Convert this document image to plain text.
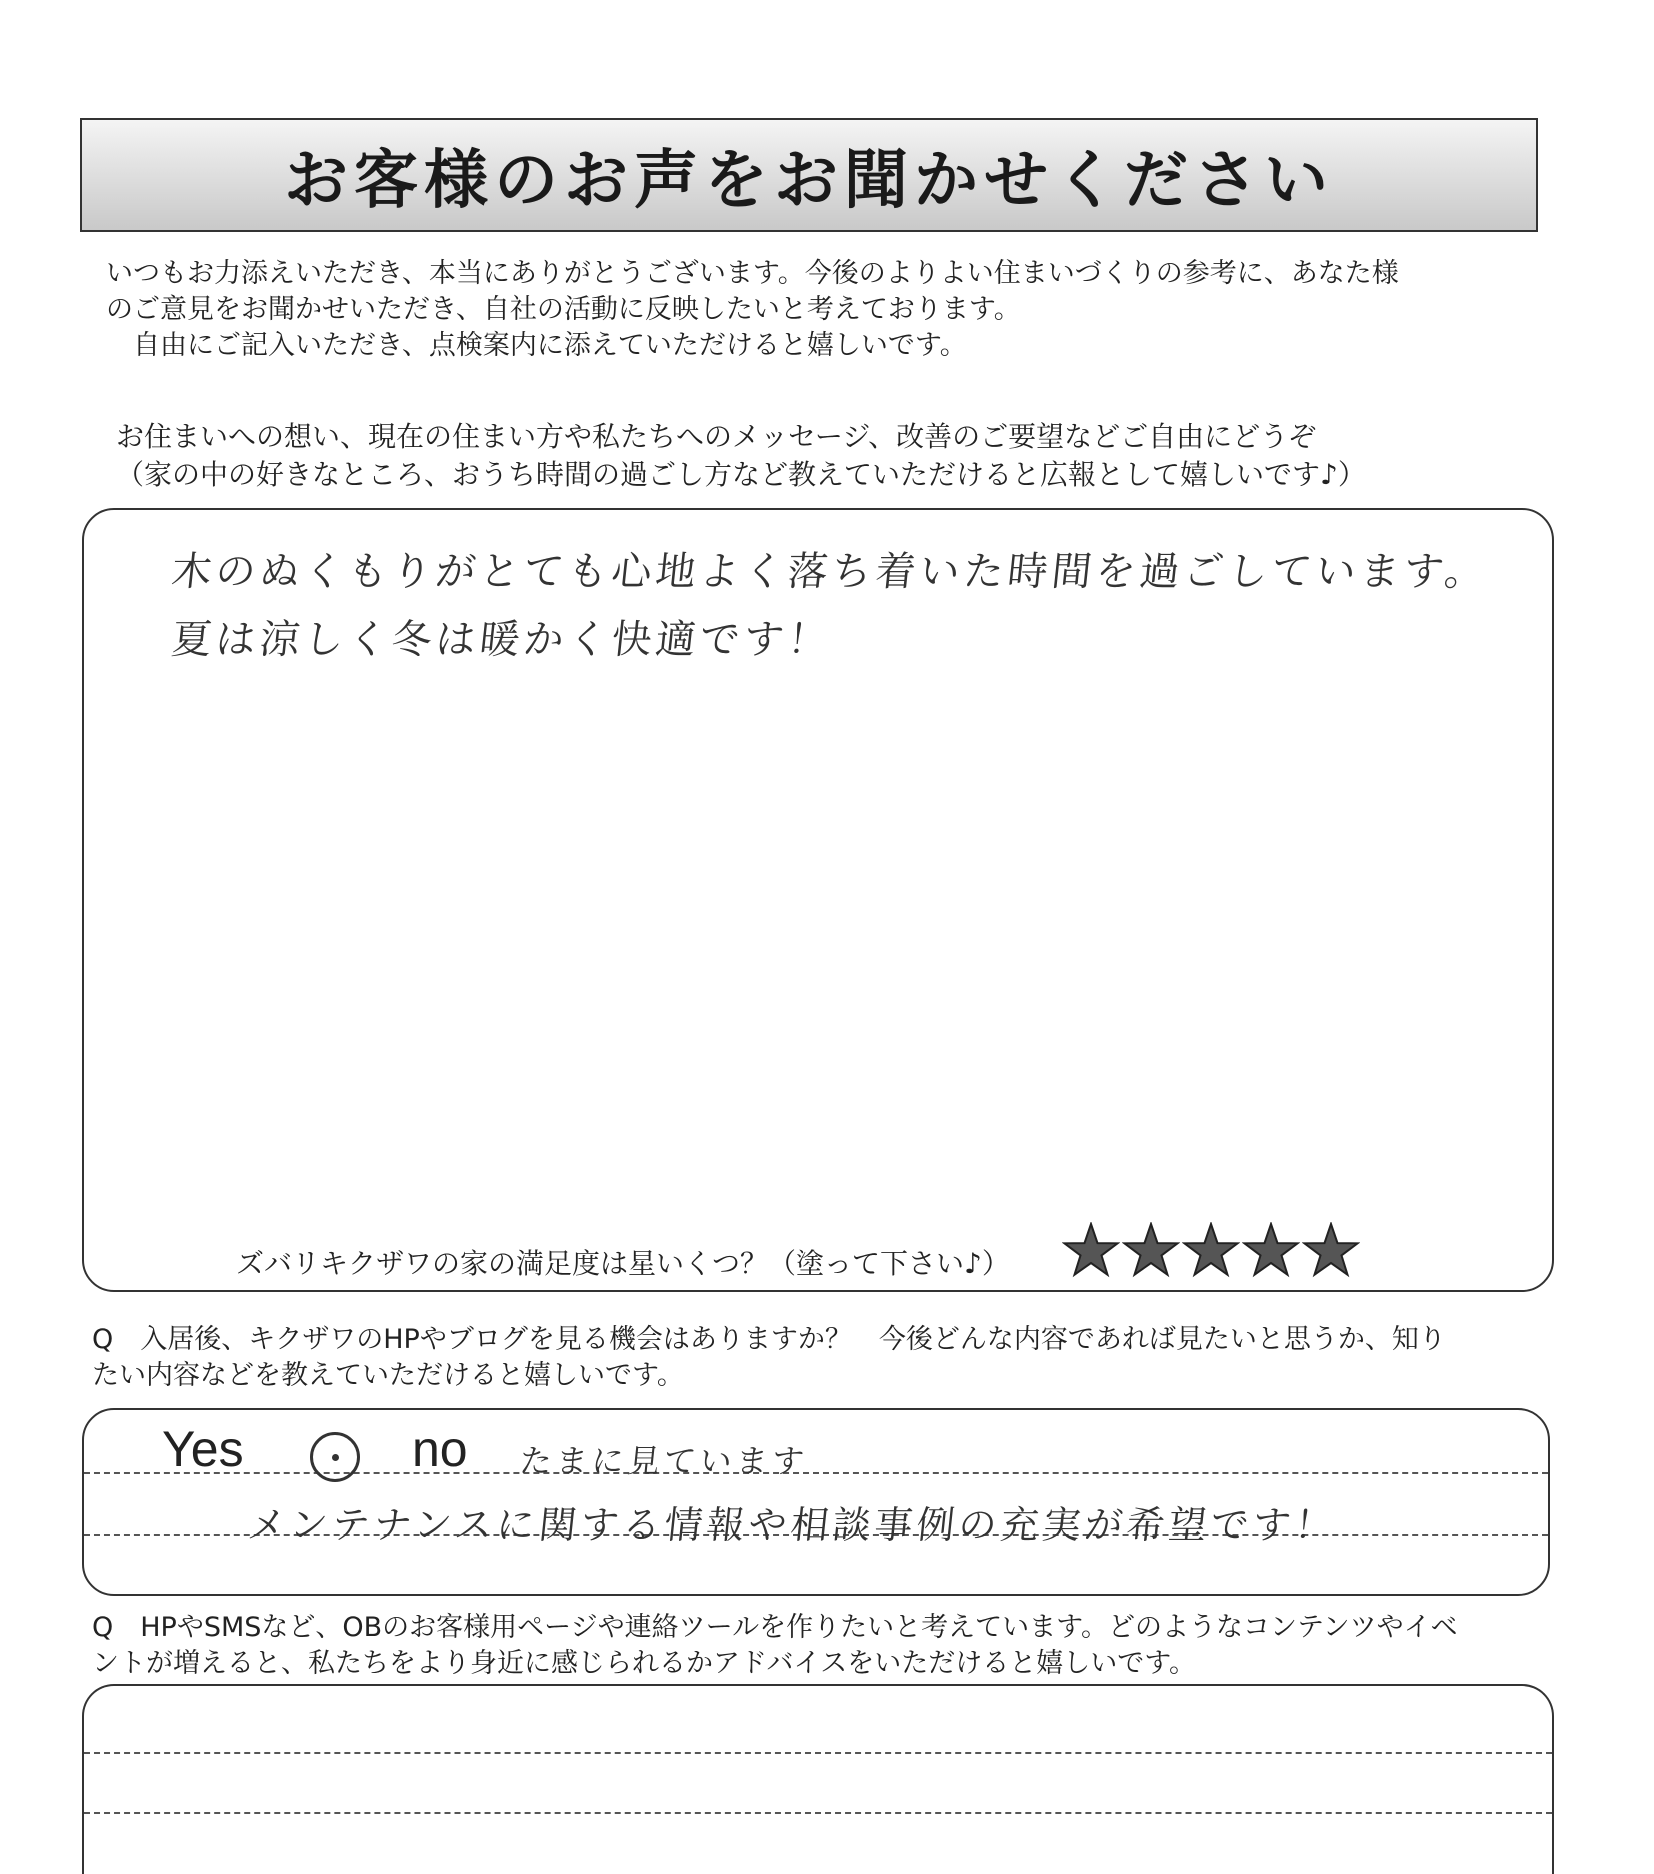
お客様のお声をお聞かせください
いつもお力添えいただき、本当にありがとうございます。今後のよりよい住まいづくりの参考に、あなた様
のご意見をお聞かせいただき、自社の活動に反映したいと考えております。
　自由にご記入いただき、点検案内に添えていただけると嬉しいです。
お住まいへの想い、現在の住まい方や私たちへのメッセージ、改善のご要望などご自由にどうぞ
（家の中の好きなところ、おうち時間の過ごし方など教えていただけると広報として嬉しいです♪）
木のぬくもりがとても心地よく落ち着いた時間を過ごしています。
夏は涼しく冬は暖かく快適です！
ズバリキクザワの家の満足度は星いくつ？（塗って下さい♪）
Q　入居後、キクザワのHPやブログを見る機会はありますか？　今後どんな内容であれば見たいと思うか、知り
たい内容などを教えていただけると嬉しいです。
Yes	no たまに見ています
メンテナンスに関する情報や相談事例の充実が希望です！
Q　HPやSMSなど、OBのお客様用ページや連絡ツールを作りたいと考えています。どのようなコンテンツやイベ
ントが増えると、私たちをより身近に感じられるかアドバイスをいただけると嬉しいです。
